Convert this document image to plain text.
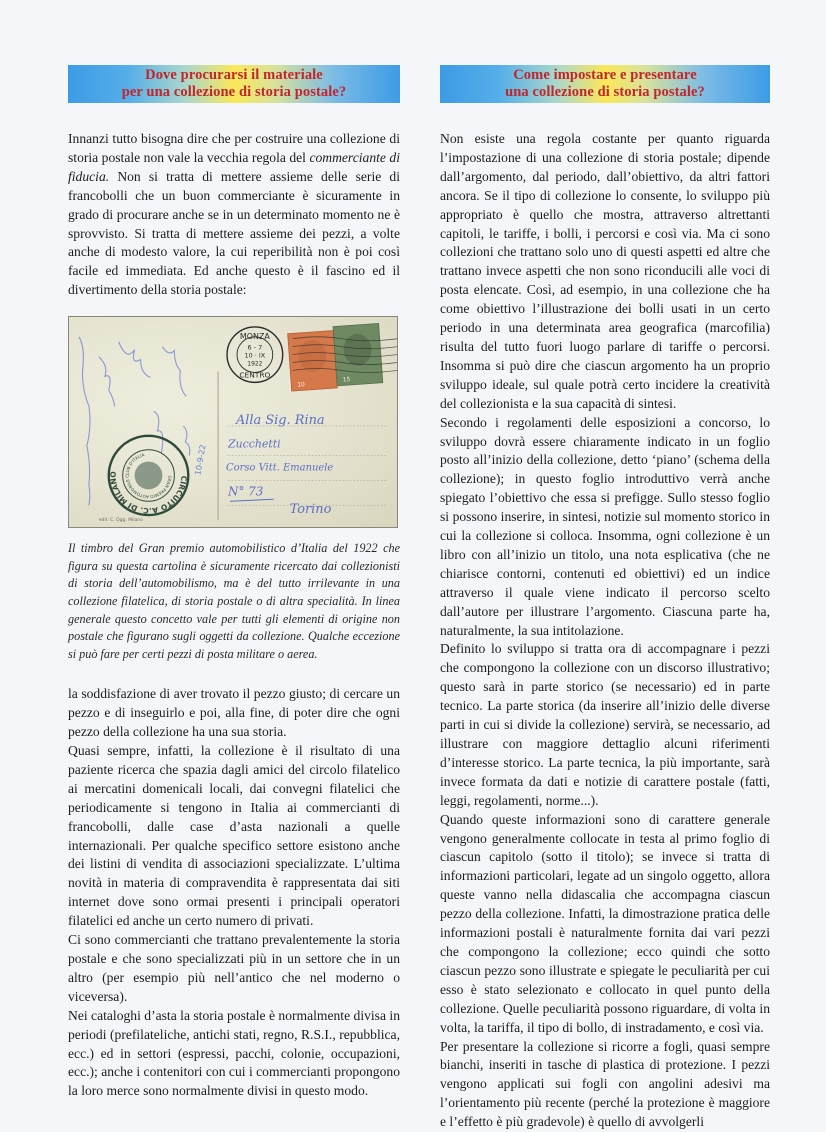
Dove procurarsi il materiale
per una collezione di storia postale?

Innanzi tutto bisogna dire che per costruire una collezione di storia postale non vale la vecchia regola del commerciante di fiducia. Non si tratta di mettere assieme delle serie di francobolli che un buon commerciante è sicuramente in grado di procurare anche se in un determinato momento ne è sprovvisto. Si tratta di mettere assieme dei pezzi, a volte anche di modesto valore, la cui reperibilità non è poi così facile ed immediata. Ed anche questo è il fascino ed il divertimento della storia postale:

10-9-22
MONZA
6 - 7
10 · IX
1922
CENTRO
10
15
Alla Sig. Rina
Zucchetti
Corso Vitt. Emanuele
N° 73
Torino
CIRCUITO A.C. DI MILANO	GRAN PREMIO AUTOMOBILE CLUB D'ITALIA
edit. C. Ogg. Milano

Il timbro del Gran premio automobilistico d’Italia del 1922 che figura su questa cartolina è sicuramente ricercato dai collezionisti di storia dell’automobilismo, ma è del tutto irrilevante in una collezione filatelica, di storia postale o di altra specialità. In linea generale questo concetto vale per tutti gli elementi di origine non postale che figurano sugli oggetti da collezione. Qualche eccezione si può fare per certi pezzi di posta militare o aerea.

la soddisfazione di aver trovato il pezzo giusto; di cercare un pezzo e di inseguirlo e poi, alla fine, di poter dire che ogni pezzo della collezione ha una sua storia.

Quasi sempre, infatti, la collezione è il risultato di una paziente ricerca che spazia dagli amici del circolo filatelico ai mercatini domenicali locali, dai convegni filatelici che periodicamente si tengono in Italia ai commercianti di francobolli, dalle case d’asta nazionali a quelle internazionali. Per qualche specifico settore esistono anche dei listini di vendita di associazioni specializzate. L’ultima novità in materia di compravendita è rappresentata dai siti internet dove sono ormai presenti i principali operatori filatelici ed anche un certo numero di privati.

Ci sono commercianti che trattano prevalentemente la storia postale e che sono specializzati più in un settore che in un altro (per esempio più nell’antico che nel moderno o viceversa).

Nei cataloghi d’asta la storia postale è normalmente divisa in periodi (prefilateliche, antichi stati, regno, R.S.I., repubblica, ecc.) ed in settori (espressi, pacchi, colonie, occupazioni, ecc.); anche i contenitori con cui i commercianti propongono la loro merce sono normalmente divisi in questo modo.

Come impostare e presentare
una collezione di storia postale?

Non esiste una regola costante per quanto riguarda l’impostazione di una collezione di storia postale; dipende dall’argomento, dal periodo, dall’obiettivo, da altri fattori ancora. Se il tipo di collezione lo consente, lo sviluppo più appropriato è quello che mostra, attraverso altrettanti capitoli, le tariffe, i bolli, i percorsi e così via. Ma ci sono collezioni che trattano solo uno di questi aspetti ed altre che trattano invece aspetti che non sono riconducili alle voci di posta elencate. Così, ad esempio, in una collezione che ha come obiettivo l’illustrazione dei bolli usati in un certo periodo in una determinata area geografica (marcofilia) risulta del tutto fuori luogo parlare di tariffe o percorsi. Insomma si può dire che ciascun argomento ha un proprio sviluppo ideale, sul quale potrà certo incidere la creatività del collezionista e la sua capacità di sintesi.

Secondo i regolamenti delle esposizioni a concorso, lo sviluppo dovrà essere chiaramente indicato in un foglio posto all’inizio della collezione, detto ‘piano’ (schema della collezione); in questo foglio introduttivo verrà anche spiegato l’obiettivo che essa si prefigge. Sullo stesso foglio si possono inserire, in sintesi, notizie sul momento storico in cui la collezione si colloca. Insomma, ogni collezione è un libro con all’inizio un titolo, una nota esplicativa (che ne chiarisce contorni, contenuti ed obiettivi) ed un indice attraverso il quale viene indicato il percorso scelto dall’autore per illustrare l’argomento. Ciascuna parte ha, naturalmente, la sua intitolazione.

Definito lo sviluppo si tratta ora di accompagnare i pezzi che compongono la collezione con un discorso illustrativo; questo sarà in parte storico (se necessario) ed in parte tecnico. La parte storica (da inserire all’inizio delle diverse parti in cui si divide la collezione) servirà, se necessario, ad illustrare con maggiore dettaglio alcuni riferimenti d’interesse storico. La parte tecnica, la più importante, sarà invece formata da dati e notizie di carattere postale (fatti, leggi, regolamenti, norme...).

Quando queste informazioni sono di carattere generale vengono generalmente collocate in testa al primo foglio di ciascun capitolo (sotto il titolo); se invece si tratta di informazioni particolari, legate ad un singolo oggetto, allora queste vanno nella didascalia che accompagna ciascun pezzo della collezione. Infatti, la dimostrazione pratica delle informazioni postali è naturalmente fornita dai vari pezzi che compongono la collezione; ecco quindi che sotto ciascun pezzo sono illustrate e spiegate le peculiarità per cui esso è stato selezionato e collocato in quel punto della collezione. Quelle peculiarità possono riguardare, di volta in volta, la tariffa, il tipo di bollo, di instradamento, e così via.

Per presentare la collezione si ricorre a fogli, quasi sempre bianchi, inseriti in tasche di plastica di protezione. I pezzi vengono applicati sui fogli con angolini adesivi ma l’orientamento più recente (perché la protezione è maggiore e l’effetto è più gradevole) è quello di avvolgerli
